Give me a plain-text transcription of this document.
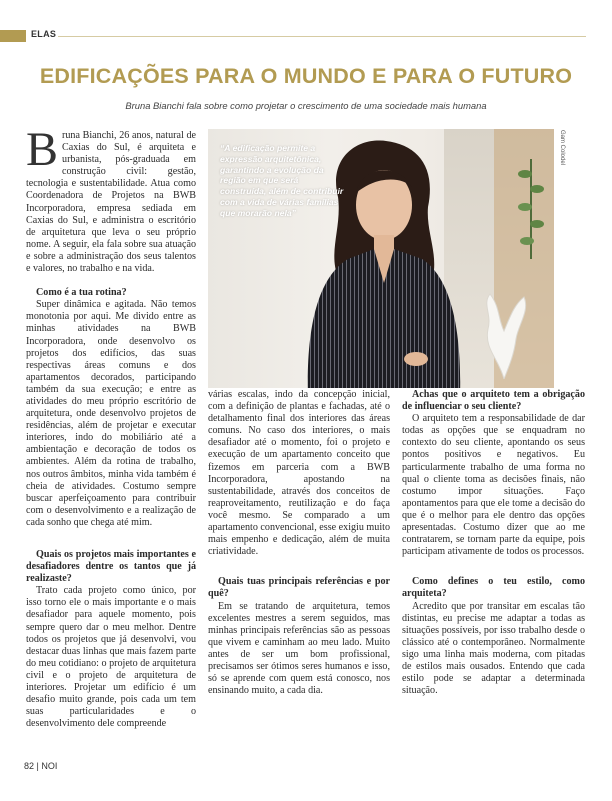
ELAS
EDIFICAÇÕES PARA O MUNDO E PARA O FUTURO
Bruna Bianchi fala sobre como projetar o crescimento de uma sociedade mais humana

Bruna Bianchi, 26 anos, natural de Caxias do Sul, é arquiteta e urbanista, pós-graduada em construção civil: gestão, tecnologia e sustentabilidade. Atua como Coordenadora de Projetos na BWB Incorporadora, empresa sediada em Caxias do Sul, e administra o escritório de arquitetura que leva o seu próprio nome. A seguir, ela fala sobre sua atuação e sobre a administração dos seus talentos e valores, no trabalho e na vida.

Como é a tua rotina?

Super dinâmica e agitada. Não temos monotonia por aqui. Me divido entre as minhas atividades na BWB Incorporadora, onde desenvolvo os projetos dos edifícios, das suas respectivas áreas comuns e dos apartamentos decorados, participando também da sua execução; e entre as atividades do meu próprio escritório de arquitetura, onde desenvolvo projetos de residências, além de projetar e executar interiores, indo do mobiliário até a ambientação e decoração de todos os ambientes. Além da rotina de trabalho, nos outros âmbitos, minha vida também é cheia de atividades. Costumo sempre buscar aperfeiçoamento para contribuir com o desenvolvimento e a realização de cada sonho que chega até mim.

Quais os projetos mais importantes e desafiadores dentre os tantos que já realizaste?

Trato cada projeto como único, por isso torno ele o mais importante e o mais desafiador para aquele momento, pois sempre quero dar o meu melhor. Dentre todos os projetos que já desenvolvi, vou destacar duas linhas que mais fazem parte do meu cotidiano: o projeto de arquitetura civil e o projeto de arquitetura de interiores. Projetar um edifício é um desafio muito grande, pois cada um tem suas particularidades e o desenvolvimento dele compreende

“A edificação permite a expressão arquitetônica, garantindo a evolução da região em que será construída, além de contribuir com a vida de várias famílias que morarão nela”
Gam Colodel

várias escalas, indo da concepção inicial, com a definição de plantas e fachadas, até o detalhamento final dos interiores das áreas comuns. No caso dos interiores, o mais desafiador até o momento, foi o projeto e execução de um apartamento conceito que fizemos em parceria com a BWB Incorporadora, apostando na sustentabilidade, através dos conceitos de reaproveitamento, reutilização e do faça você mesmo. Se comparado a um apartamento convencional, esse exigiu muito mais empenho e dedicação, além de muita criatividade.

Quais tuas principais referências e por quê?

Em se tratando de arquitetura, temos excelentes mestres a serem seguidos, mas minhas principais referências são as pessoas que vivem e caminham ao meu lado. Muito antes de ser um bom profissional, precisamos ser ótimos seres humanos e isso, só se aprende com quem está conosco, nos ensinando muito, a cada dia.

Achas que o arquiteto tem a obrigação de influenciar o seu cliente?

O arquiteto tem a responsabilidade de dar todas as opções que se enquadram no contexto do seu cliente, apontando os seus pontos positivos e negativos. Eu particularmente trabalho de uma forma no qual o cliente toma as decisões finais, não costumo impor situações. Faço apontamentos para que ele tome a decisão do que é o melhor para ele dentro das opções apresentadas. Costumo dizer que ao me contratarem, se tornam parte da equipe, pois participam ativamente de todos os processos.

Como defines o teu estilo, como arquiteta?

Acredito que por transitar em escalas tão distintas, eu precise me adaptar a todas as situações possíveis, por isso trabalho desde o clássico até o contemporâneo. Normalmente sigo uma linha mais moderna, com pitadas de estilos mais ousados. Entendo que cada estilo pode se adaptar a determinada situação.

82 | NOI
